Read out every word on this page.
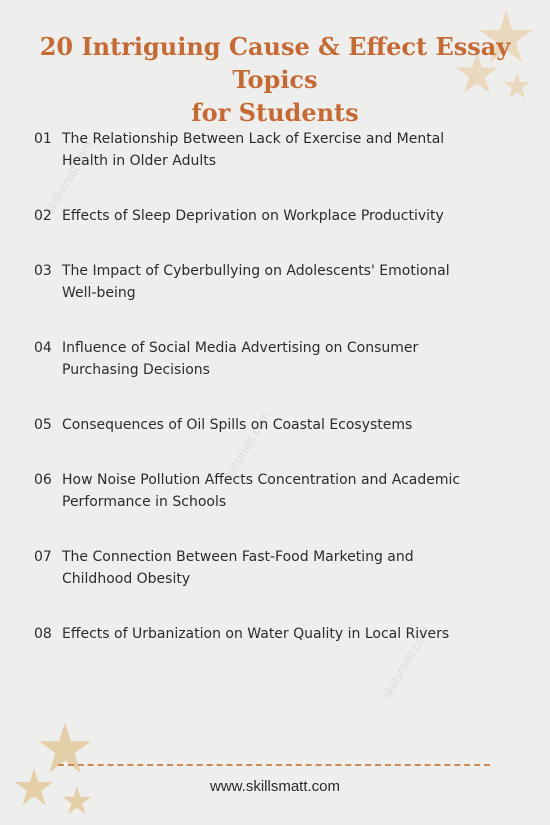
skillsmatt.com
skillsmatt.com
skillsmatt.com
20 Intriguing Cause & Effect Essay Topics
for Students
01 The Relationship Between Lack of Exercise and Mental
Health in Older Adults
02 Effects of Sleep Deprivation on Workplace Productivity
03 The Impact of Cyberbullying on Adolescents' Emotional
Well-being
04 Influence of Social Media Advertising on Consumer
Purchasing Decisions
05 Consequences of Oil Spills on Coastal Ecosystems
06 How Noise Pollution Affects Concentration and Academic
Performance in Schools
07 The Connection Between Fast-Food Marketing and
Childhood Obesity
08 Effects of Urbanization on Water Quality in Local Rivers
www.skillsmatt.com
